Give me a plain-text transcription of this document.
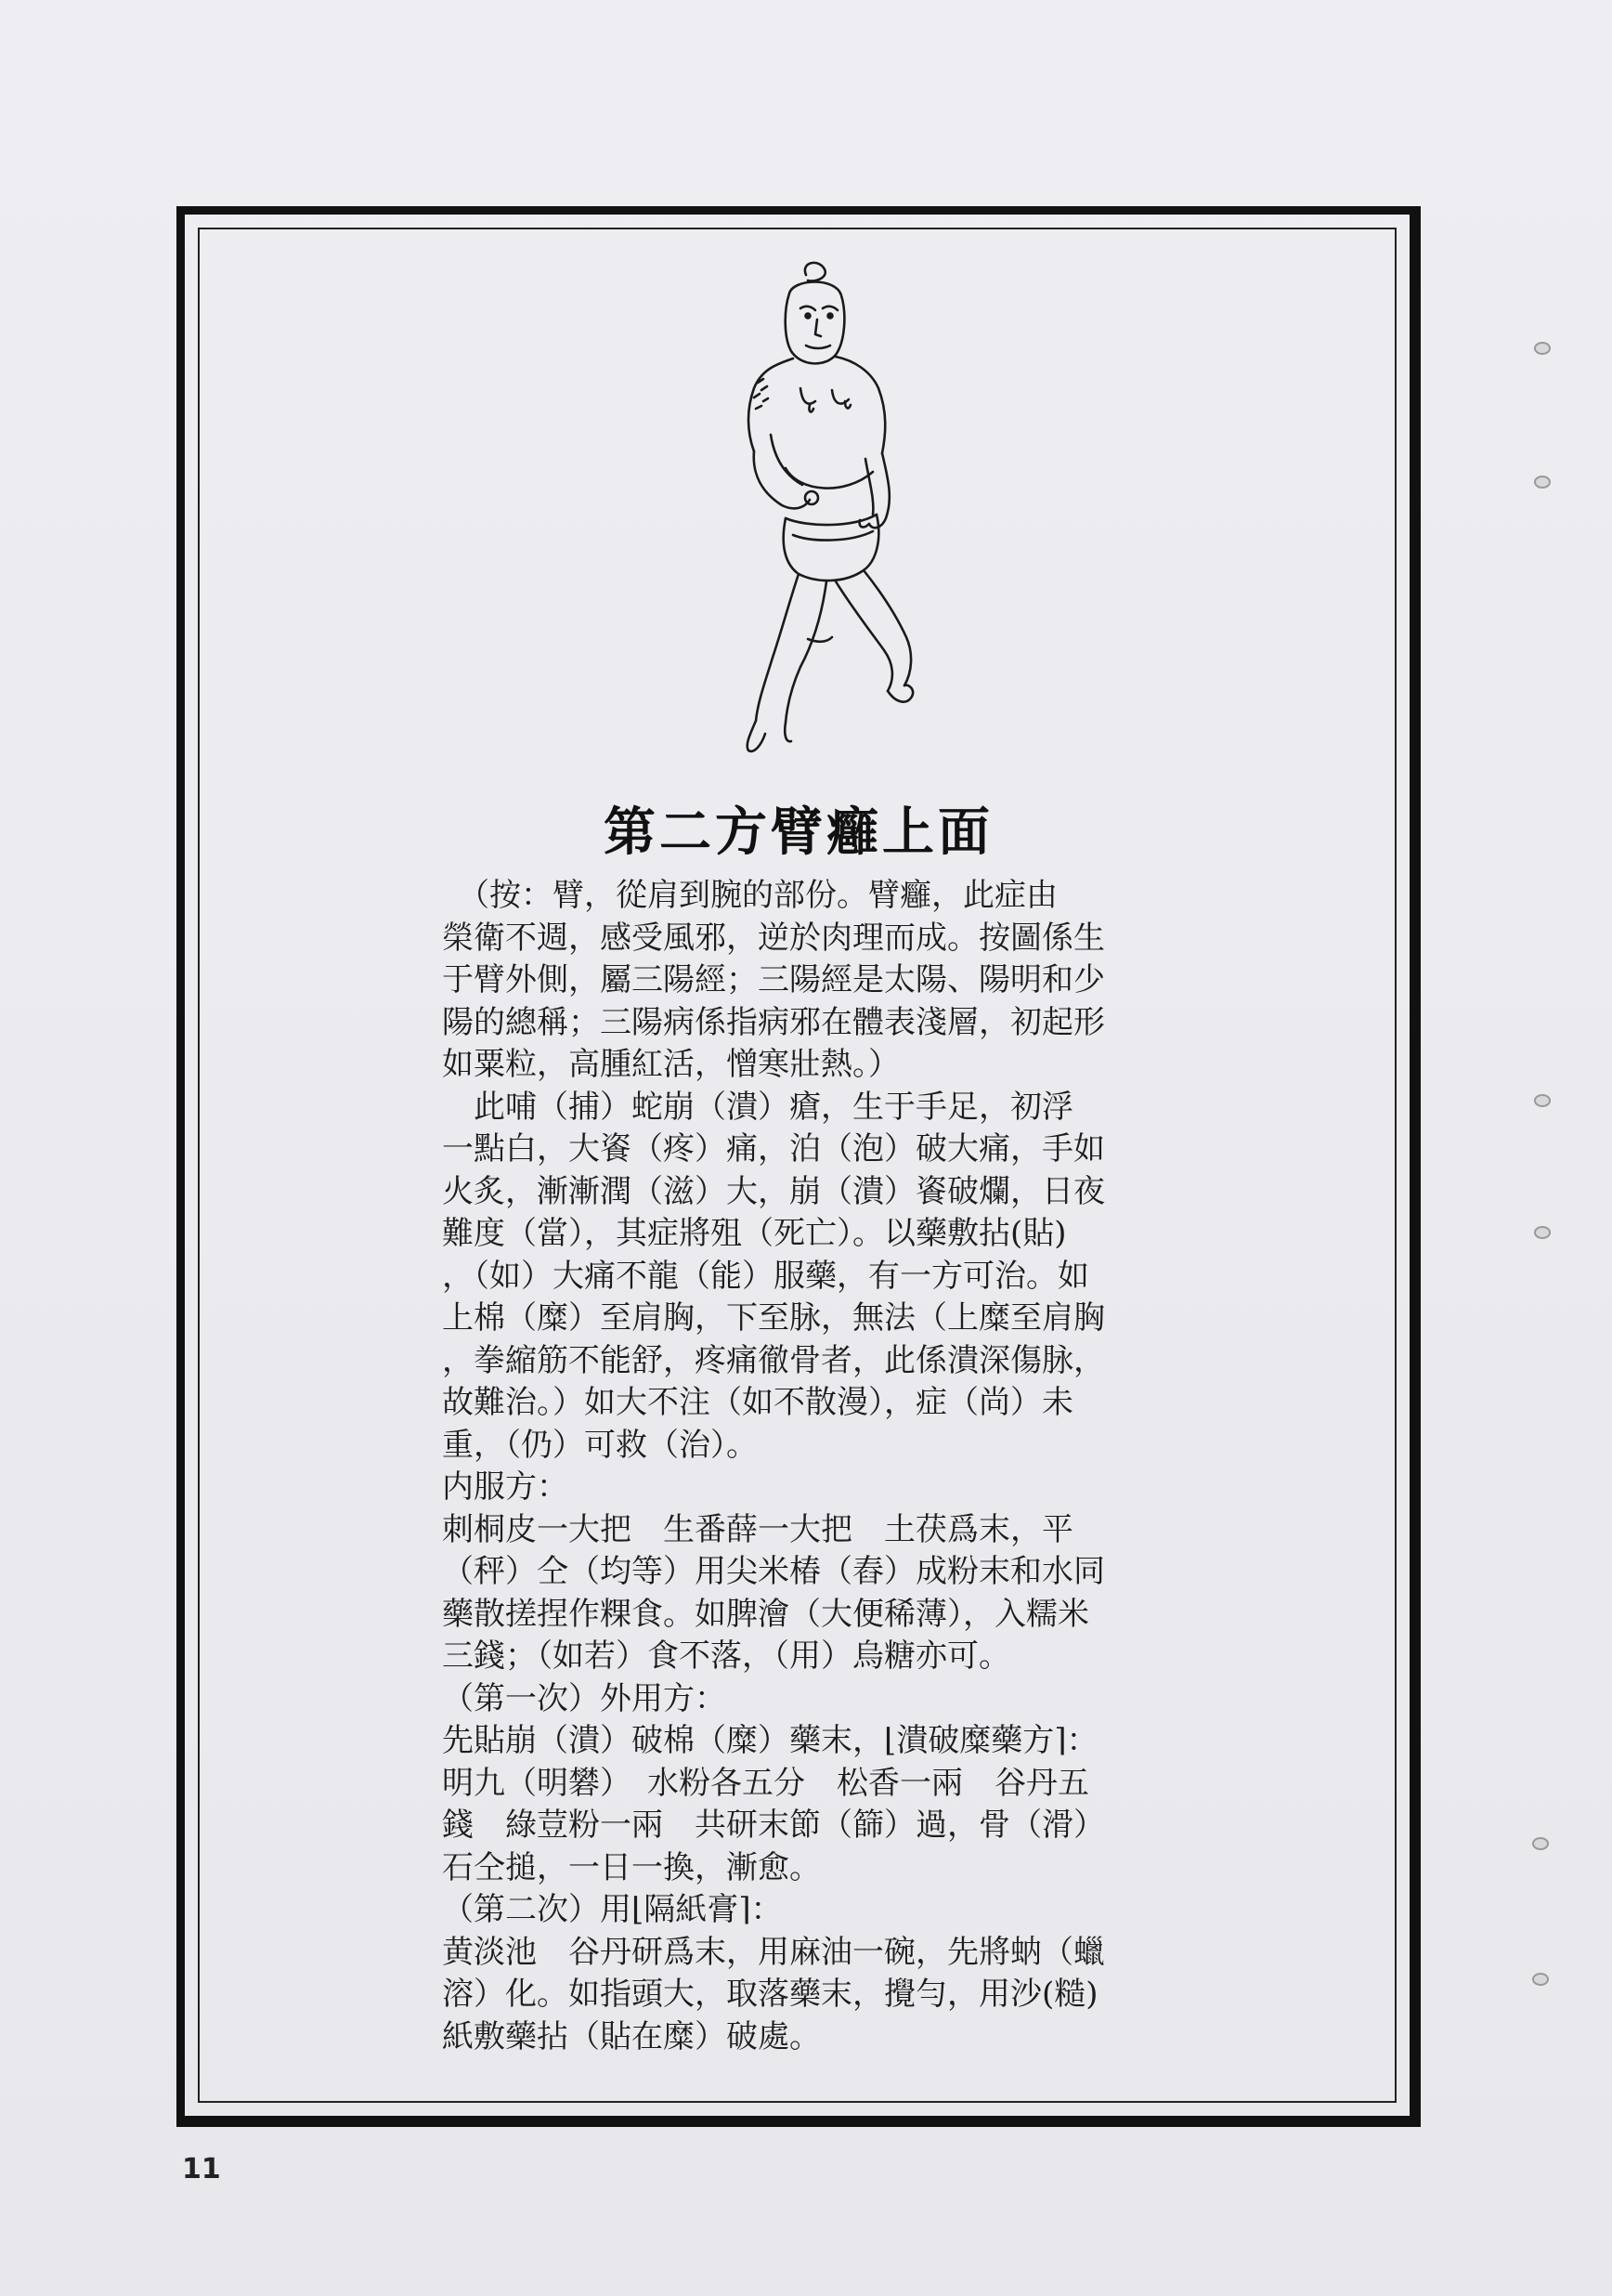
第二方臂癰上面
　（按：臂，從肩到腕的部份。臂癰，此症由
榮衛不週，感受風邪，逆於肉理而成。按圖係生
于臂外側，屬三陽經；三陽經是太陽、陽明和少
陽的總稱；三陽病係指病邪在體表淺層，初起形
如粟粒，高腫紅活，憎寒壯熱。）
　此哺（捕）蛇崩（潰）瘡，生于手足，初浮
一點白，大餈（疼）痛，泊（泡）破大痛，手如
火炙，漸漸潤（滋）大，崩（潰）餈破爛，日夜
難度（當），其症將殂（死亡）。以藥敷拈(貼)
，（如）大痛不龍（能）服藥，有一方可治。如
上棉（糜）至肩胸，下至脉，無法（上糜至肩胸
，拳縮筋不能舒，疼痛徹骨者，此係潰深傷脉，
故難治。）如大不注（如不散漫），症（尚）未
重，（仍）可救（治）。
内服方：
刺桐皮一大把　生番薛一大把　土茯爲末，平
（秤）仝（均等）用尖米椿（舂）成粉末和水同
藥散搓捏作粿食。如脾澮（大便稀薄），入糯米
三錢；（如若）食不落，（用）烏糖亦可。
（第一次）外用方：
先貼崩（潰）破棉（糜）藥末，⌊潰破糜藥方⌉：
明九（明礬）　水粉各五分　松香一兩　谷丹五
錢　綠荳粉一兩　共研末節（篩）過，骨（滑）
石仝搥，一日一換，漸愈。
（第二次）用⌊隔紙膏⌉：
黄淡池　谷丹研爲末，用麻油一碗，先將蚋（蠟
溶）化。如指頭大，取落藥末，攪勻，用沙(糙)
紙敷藥拈（貼在糜）破處。
11
